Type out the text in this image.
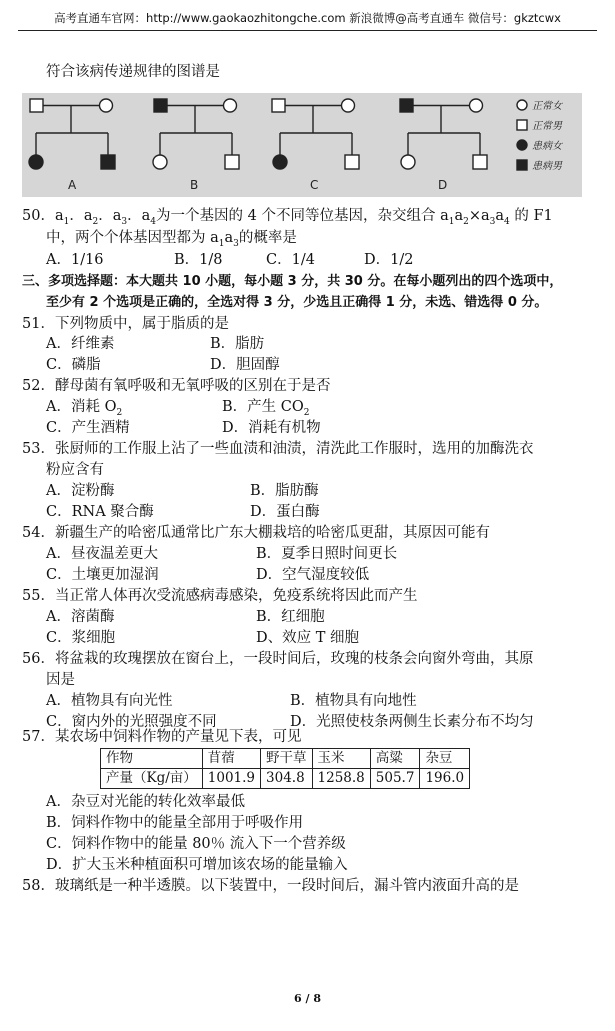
高考直通车官网：http://www.gaokaozhitongche.com 新浪微博@高考直通车 微信号：gkztcwx
符合该病传递规律的图谱是
A	B	C	D
正常女
正常男
患病女
患病男
50．$a_1$．$a_2$．$a_3$．$a_4$为一个基因的 4 个不同等位基因，杂交组合 $a_1a_2\times a_3a_4$ 的 F1
中，两个个体基因型都为 $a_1a_3$的概率是
A．1/16	B．1/8	C．1/4	D．1/2
三、多项选择题：本大题共 10 小题，每小题 3 分，共 30 分。在每小题列出的四个选项中，
至少有 2 个选项是正确的，全选对得 3 分，少选且正确得 1 分，未选、错选得 0 分。
51．下列物质中，属于脂质的是
A．纤维素	B．脂肪
C．磷脂	D．胆固醇
52．酵母菌有氧呼吸和无氧呼吸的区别在于是否
A．消耗 $O_2$	B．产生 $CO_2$
C．产生酒精	D．消耗有机物
53．张厨师的工作服上沾了一些血渍和油渍，清洗此工作服时，选用的加酶洗衣
粉应含有
A．淀粉酶	B．脂肪酶
C．RNA 聚合酶	D．蛋白酶
54．新疆生产的哈密瓜通常比广东大棚栽培的哈密瓜更甜，其原因可能有
A．昼夜温差更大	B．夏季日照时间更长
C．土壤更加湿润	D．空气湿度较低
55．当正常人体再次受流感病毒感染，免疫系统将因此而产生
A．溶菌酶	B．红细胞
C．浆细胞	D、效应 T 细胞
56．将盆栽的玫瑰摆放在窗台上，一段时间后，玫瑰的枝条会向窗外弯曲，其原
因是
A．植物具有向光性	B．植物具有向地性
C．窗内外的光照强度不同	D．光照使枝条两侧生长素分布不均匀
57．某农场中饲料作物的产量见下表，可见
作物	苜蓿	野干草	玉米	高粱	杂豆
产量（Kg/亩）	1001.9	304.8	1258.8	505.7	196.0
A．杂豆对光能的转化效率最低
B．饲料作物中的能量全部用于呼吸作用
C．饲料作物中的能量 80％ 流入下一个营养级
D．扩大玉米种植面积可增加该农场的能量输入
58．玻璃纸是一种半透膜。以下装置中，一段时间后，漏斗管内液面升高的是
6 / 8
